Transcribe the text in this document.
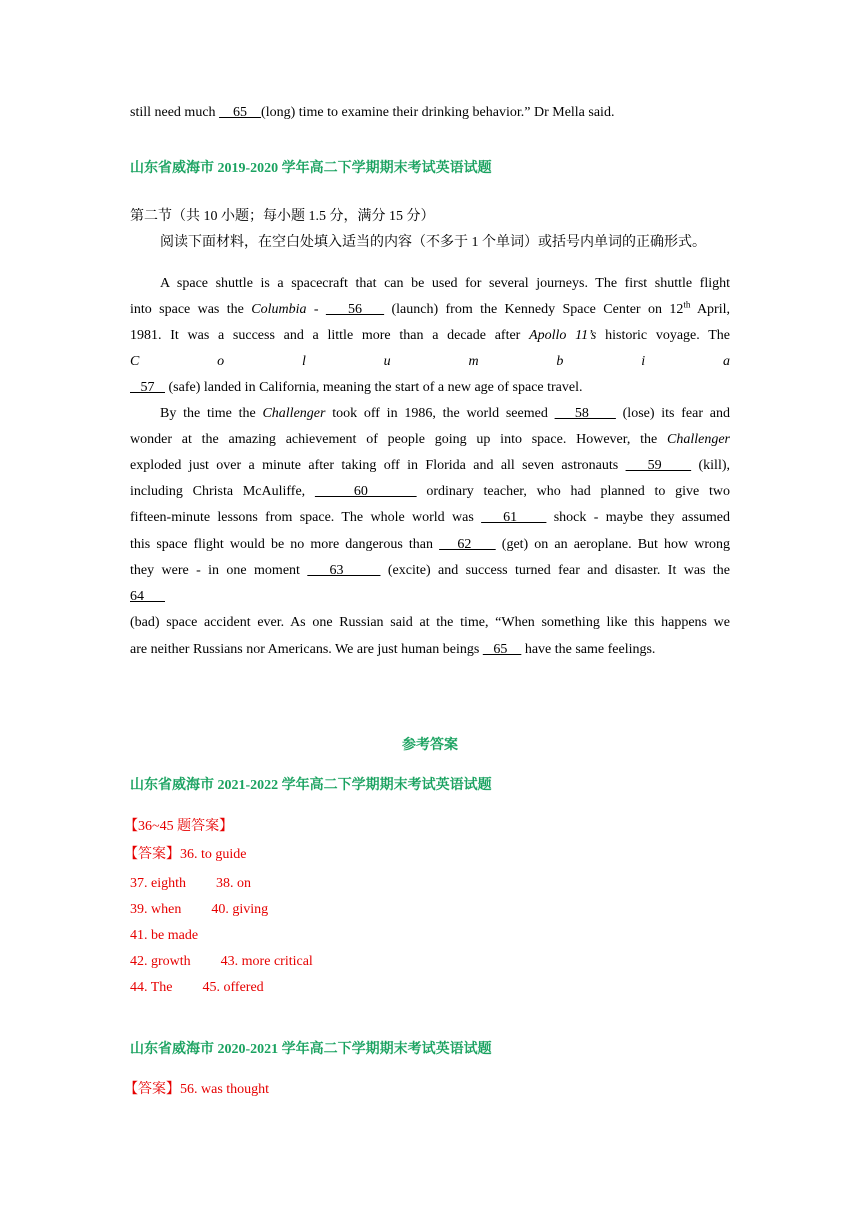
still need much     65    (long) time to examine their drinking behavior.” Dr Mella said.
山东省威海市 2019-2020 学年高二下学期期末考试英语试题
第二节（共 10 小题；每小题 1.5 分，满分 15 分）
阅读下面材料，在空白处填入适当的内容（不多于 1 个单词）或括号内单词的正确形式。
A space shuttle is a spacecraft that can be used for several journeys. The first shuttle flight
into space was the Columbia -    56    (launch) from the Kennedy Space Center on 12th April,
1981. It was a success and a little more than a decade after Apollo 11’s historic voyage. The
C	o	l	u	m	b	i	a
57    (safe) landed in California, meaning the start of a new age of space travel.
By the time the Challenger took off in 1986, the world seemed    58     (lose) its fear and
wonder at the amazing achievement of people going up into space. However, the Challenger
exploded just over a minute after taking off in Florida and all seven astronauts    59     (kill),
including Christa McAuliffe,     60      ordinary teacher, who had planned to give two
fifteen-minute lessons from space. The whole world was    61     shock - maybe they assumed
this space flight would be no more dangerous than    62     (get) on an aeroplane. But how wrong
they were - in one moment    63      (excite) and success turned fear and disaster. It was the
64
(bad) space accident ever. As one Russian said at the time, “When something like this happens we
are neither Russians nor Americans. We are just human beings    65     have the same feelings.
参考答案
山东省威海市 2021-2022 学年高二下学期期末考试英语试题
【36~45 题答案】
【答案】36. to guide
37. eighth 38. on
39. when 40. giving
41. be made
42. growth 43. more critical
44. The 45. offered
山东省威海市 2020-2021 学年高二下学期期末考试英语试题
【答案】56. was thought
